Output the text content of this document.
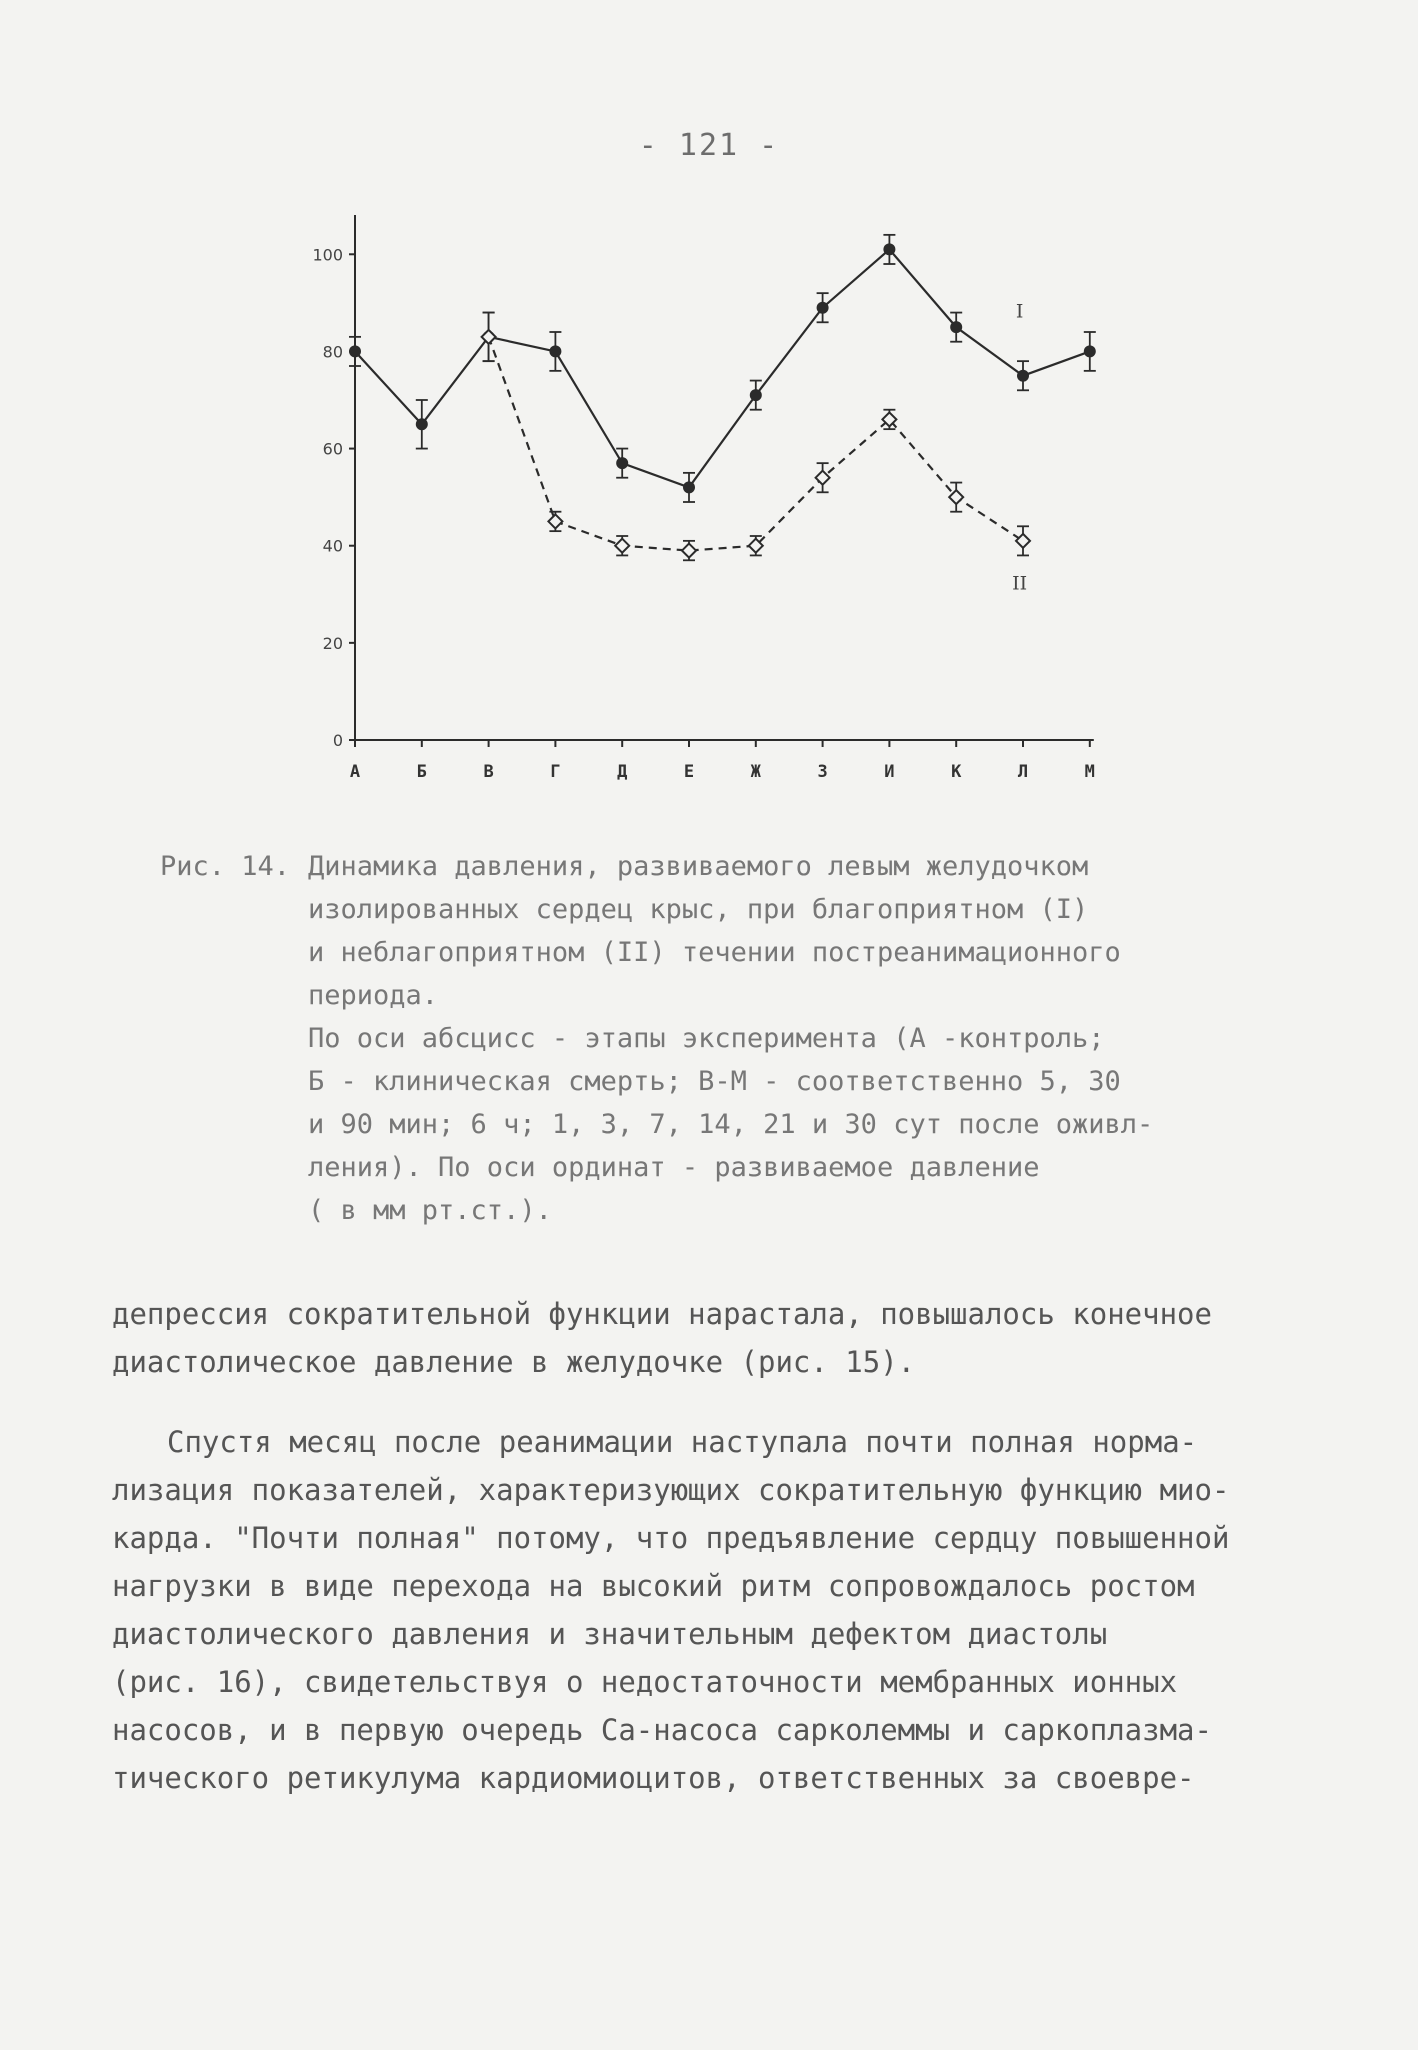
- 121 -
0
20
40
60
80
100
А	Б	В	Г	Д	Е	Ж	З	И	К	Л	М
I
II
Рис. 14. Динамика давления, развиваемого левым желудочком

изолированных сердец крыс, при благоприятном (I)

и неблагоприятном (II) течении постреанимационного

периода.

По оси абсцисс - этапы эксперимента (А -контроль;

Б - клиническая смерть; В-М - соответственно 5, 30

и 90 мин; 6 ч; 1, 3, 7, 14, 21 и 30 сут после оживл-

ления). По оси ординат - развиваемое давление

( в мм рт.ст.).

депрессия сократительной функции нарастала, повышалось конечное

диастолическое давление в желудочке (рис. 15).

Спустя месяц после реанимации наступала почти полная норма-

лизация показателей, характеризующих сократительную функцию мио-

карда. "Почти полная" потому, что предъявление сердцу повышенной

нагрузки в виде перехода на высокий ритм сопровождалось ростом

диастолического давления и значительным дефектом диастолы

(рис. 16), свидетельствуя о недостаточности мембранных ионных

насосов, и в первую очередь Са-насоса сарколеммы и саркоплазма-

тического ретикулума кардиомиоцитов, ответственных за своевре-
